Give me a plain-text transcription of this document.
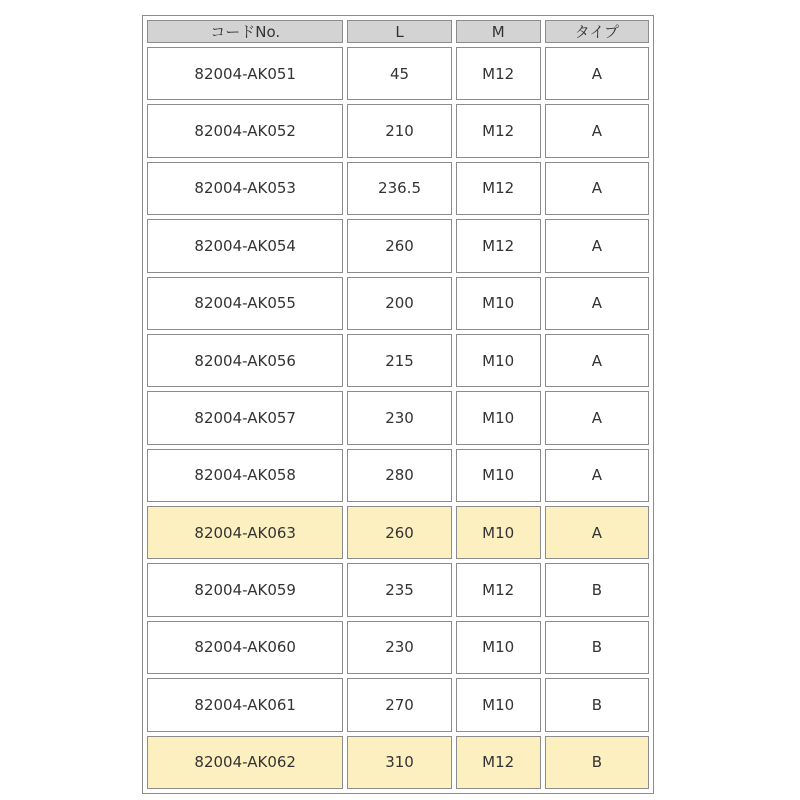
コードNo.	L	M	タイプ
82004-AK051	45	M12	A
82004-AK052	210	M12	A
82004-AK053	236.5	M12	A
82004-AK054	260	M12	A
82004-AK055	200	M10	A
82004-AK056	215	M10	A
82004-AK057	230	M10	A
82004-AK058	280	M10	A
82004-AK063	260	M10	A
82004-AK059	235	M12	B
82004-AK060	230	M10	B
82004-AK061	270	M10	B
82004-AK062	310	M12	B
